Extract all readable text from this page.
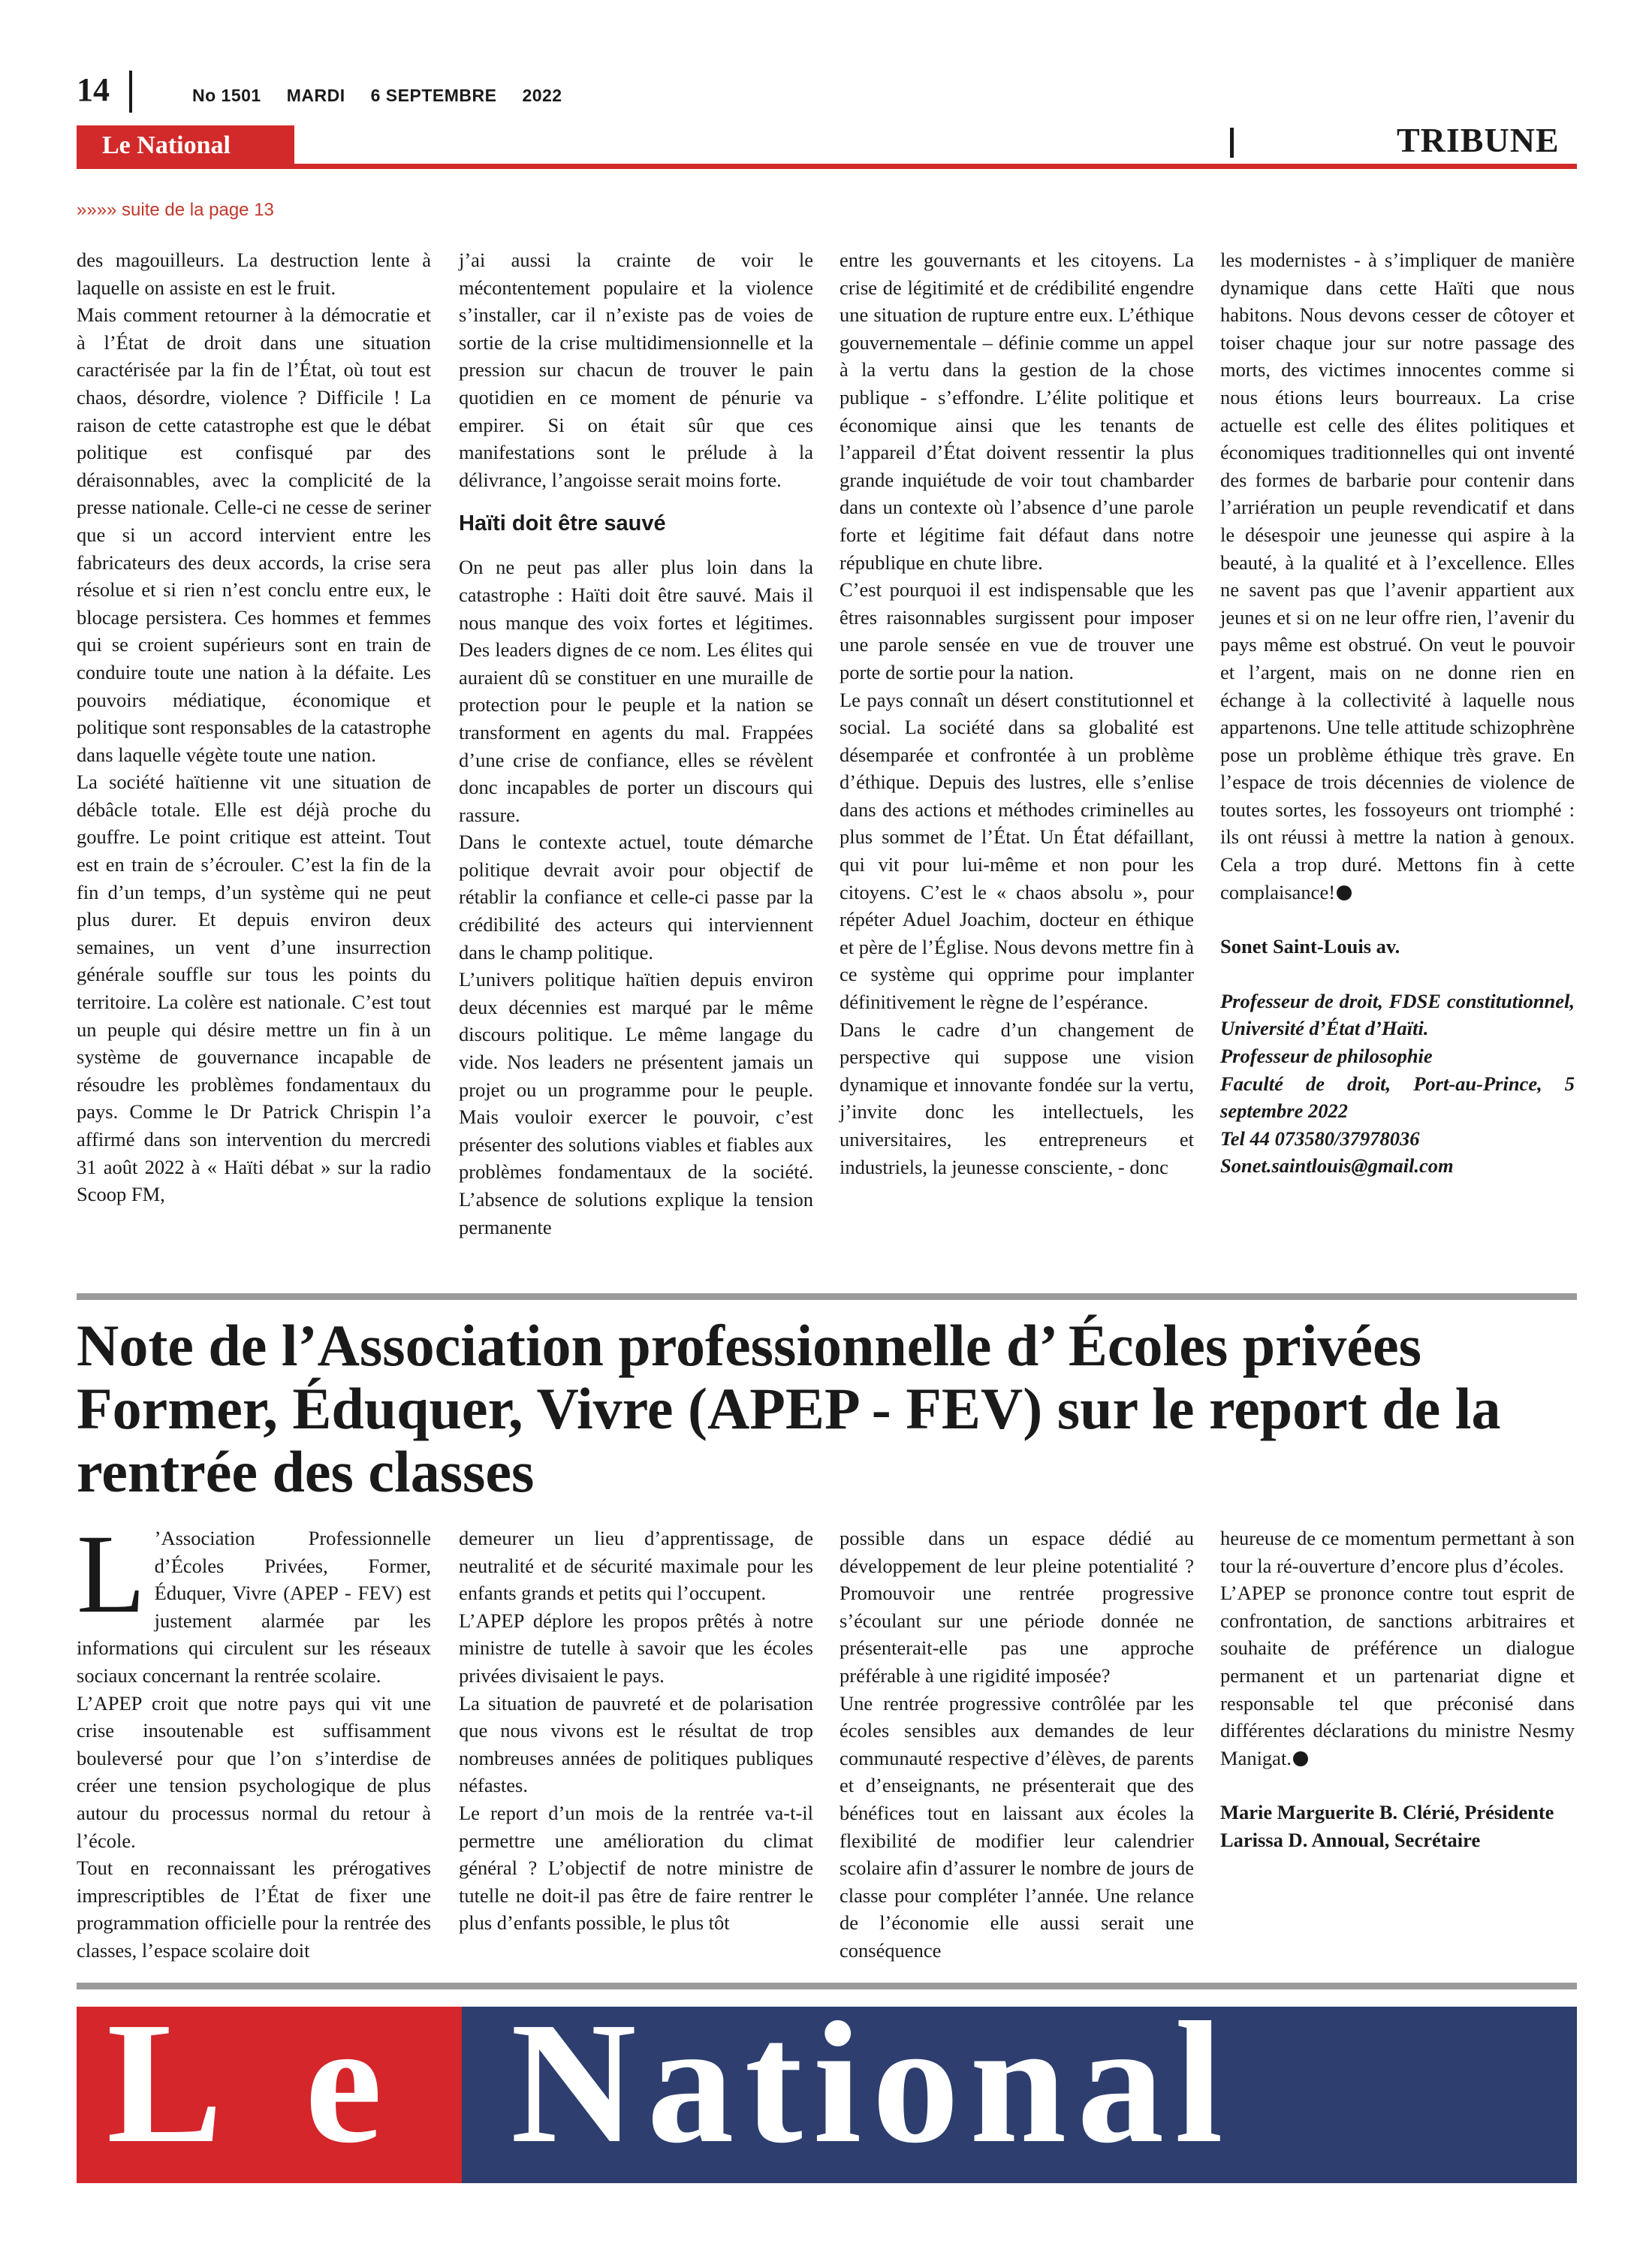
14	No 1501 MARDI 6 SEPTEMBRE 2022
Le National	TRIBUNE
»»»» suite de la page 13

des magouilleurs. La destruction lente à laquelle on assiste en est le fruit.

Mais comment retourner à la démocratie et à l’État de droit dans une situation caractérisée par la fin de l’État, où tout est chaos, désordre, violence ? Difficile ! La raison de cette catastrophe est que le débat politique est confisqué par des déraisonnables, avec la complicité de la presse nationale. Celle-ci ne cesse de seriner que si un accord intervient entre les fabricateurs des deux accords, la crise sera résolue et si rien n’est conclu entre eux, le blocage persistera. Ces hommes et femmes qui se croient supérieurs sont en train de conduire toute une nation à la défaite. Les pouvoirs médiatique, économique et politique sont responsables de la catastrophe dans laquelle végète toute une nation.

La société haïtienne vit une situation de débâcle totale. Elle est déjà proche du gouffre. Le point critique est atteint. Tout est en train de s’écrouler. C’est la fin de la fin d’un temps, d’un système qui ne peut plus durer. Et depuis environ deux semaines, un vent d’une insurrection générale souffle sur tous les points du territoire. La colère est nationale. C’est tout un peuple qui désire mettre un fin à un système de gouvernance incapable de résoudre les problèmes fondamentaux du pays. Comme le Dr Patrick Chrispin l’a affirmé dans son intervention du mercredi 31 août 2022 à « Haïti débat » sur la radio Scoop FM,

j’ai aussi la crainte de voir le mécontentement populaire et la violence s’installer, car il n’existe pas de voies de sortie de la crise multidimensionnelle et la pression sur chacun de trouver le pain quotidien en ce moment de pénurie va empirer. Si on était sûr que ces manifestations sont le prélude à la délivrance, l’angoisse serait moins forte.

Haïti doit être sauvé

On ne peut pas aller plus loin dans la catastrophe : Haïti doit être sauvé. Mais il nous manque des voix fortes et légitimes. Des leaders dignes de ce nom. Les élites qui auraient dû se constituer en une muraille de protection pour le peuple et la nation se transforment en agents du mal. Frappées d’une crise de confiance, elles se révèlent donc incapables de porter un discours qui rassure.

Dans le contexte actuel, toute démarche politique devrait avoir pour objectif de rétablir la confiance et celle-ci passe par la crédibilité des acteurs qui interviennent dans le champ politique.

L’univers politique haïtien depuis environ deux décennies est marqué par le même discours politique. Le même langage du vide. Nos leaders ne présentent jamais un projet ou un programme pour le peuple. Mais vouloir exercer le pouvoir, c’est présenter des solutions viables et fiables aux problèmes fondamentaux de la société. L’absence de solutions explique la tension permanente

entre les gouvernants et les citoyens. La crise de légitimité et de crédibilité engendre une situation de rupture entre eux. L’éthique gouvernementale – définie comme un appel à la vertu dans la gestion de la chose publique - s’effondre. L’élite politique et économique ainsi que les tenants de l’appareil d’État doivent ressentir la plus grande inquiétude de voir tout chambarder dans un contexte où l’absence d’une parole forte et légitime fait défaut dans notre république en chute libre.

C’est pourquoi il est indispensable que les êtres raisonnables surgissent pour imposer une parole sensée en vue de trouver une porte de sortie pour la nation.

Le pays connaît un désert constitutionnel et social. La société dans sa globalité est désemparée et confrontée à un problème d’éthique. Depuis des lustres, elle s’enlise dans des actions et méthodes criminelles au plus sommet de l’État. Un État défaillant, qui vit pour lui-même et non pour les citoyens. C’est le « chaos absolu », pour répéter Aduel Joachim, docteur en éthique et père de l’Église. Nous devons mettre fin à ce système qui opprime pour implanter définitivement le règne de l’espérance.

Dans le cadre d’un changement de perspective qui suppose une vision dynamique et innovante fondée sur la vertu, j’invite donc les intellectuels, les universitaires, les entrepreneurs et industriels, la jeunesse consciente, - donc

les modernistes - à s’impliquer de manière dynamique dans cette Haïti que nous habitons. Nous devons cesser de côtoyer et toiser chaque jour sur notre passage des morts, des victimes innocentes comme si nous étions leurs bourreaux. La crise actuelle est celle des élites politiques et économiques traditionnelles qui ont inventé des formes de barbarie pour contenir dans l’arriération un peuple revendicatif et dans le désespoir une jeunesse qui aspire à la beauté, à la qualité et à l’excellence. Elles ne savent pas que l’avenir appartient aux jeunes et si on ne leur offre rien, l’avenir du pays même est obstrué. On veut le pouvoir et l’argent, mais on ne donne rien en échange à la collectivité à laquelle nous appartenons. Une telle attitude schizophrène pose un problème éthique très grave. En l’espace de trois décennies de violence de toutes sortes, les fossoyeurs ont triomphé : ils ont réussi à mettre la nation à genoux. Cela a trop duré. Mettons fin à cette complaisance!

Sonet Saint-Louis av.

Professeur de droit, FDSE constitutionnel, Université d’État d’Haïti.
Professeur de philosophie
Faculté de droit, Port-au-Prince, 5 septembre 2022
Tel 44 073580/37978036
Sonet.saintlouis@gmail.com

Note de l’Association professionnelle d’ Écoles privées Former, Éduquer, Vivre (APEP - FEV) sur le report de la rentrée des classes

L ’Association Professionnelle d’Écoles Privées, Former, Éduquer, Vivre (APEP - FEV) est justement alarmée par les informations qui circulent sur les réseaux sociaux concernant la rentrée scolaire.

L’APEP croit que notre pays qui vit une crise insoutenable est suffisamment bouleversé pour que l’on s’interdise de créer une tension psychologique de plus autour du processus normal du retour à l’école.

Tout en reconnaissant les prérogatives imprescriptibles de l’État de fixer une programmation officielle pour la rentrée des classes, l’espace scolaire doit

demeurer un lieu d’apprentissage, de neutralité et de sécurité maximale pour les enfants grands et petits qui l’occupent.

L’APEP déplore les propos prêtés à notre ministre de tutelle à savoir que les écoles privées divisaient le pays.

La situation de pauvreté et de polarisation que nous vivons est le résultat de trop nombreuses années de politiques publiques néfastes.

Le report d’un mois de la rentrée va-t-il permettre une amélioration du climat général ? L’objectif de notre ministre de tutelle ne doit-il pas être de faire rentrer le plus d’enfants possible, le plus tôt

possible dans un espace dédié au développement de leur pleine potentialité ? Promouvoir une rentrée progressive s’écoulant sur une période donnée ne présenterait-elle pas une approche préférable à une rigidité imposée?

Une rentrée progressive contrôlée par les écoles sensibles aux demandes de leur communauté respective d’élèves, de parents et d’enseignants, ne présenterait que des bénéfices tout en laissant aux écoles la flexibilité de modifier leur calendrier scolaire afin d’assurer le nombre de jours de classe pour compléter l’année. Une relance de l’économie elle aussi serait une conséquence

heureuse de ce momentum permettant à son tour la ré-ouverture d’encore plus d’écoles.

L’APEP se prononce contre tout esprit de confrontation, de sanctions arbitraires et souhaite de préférence un dialogue permanent et un partenariat digne et responsable tel que préconisé dans différentes déclarations du ministre Nesmy Manigat.

Marie Marguerite B. Clérié, Présidente

Larissa D. Annoual, Secrétaire

L e National
